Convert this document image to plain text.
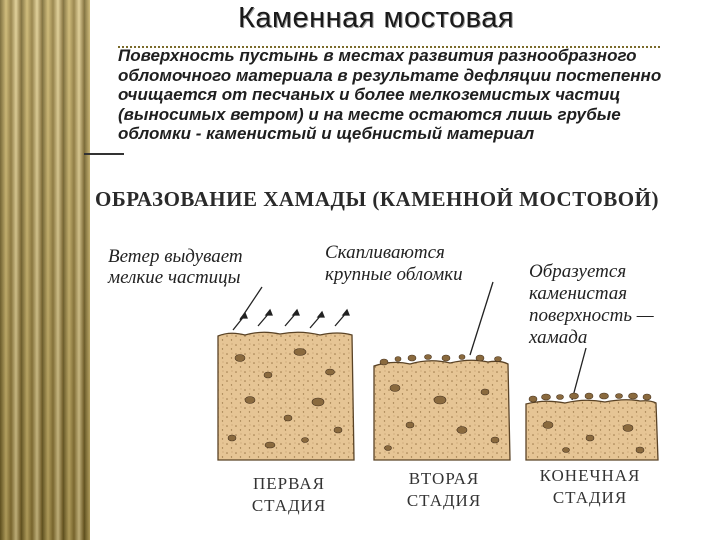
Каменная мостовая
Поверхность пустынь в местах развития разнообразного обломочного материала в результате дефляции постепенно очищается от песчаных и более мелкоземистых частиц (выносимых ветром) и на месте остаются лишь грубые обломки - каменистый и щебнистый материал
ОБРАЗОВАНИЕ ХАМАДЫ (КАМЕННОЙ МОСТОВОЙ)
Ветер выдувает
мелкие частицы
Скапливаются
крупные обломки	Образуется
каменистая
поверхность —
хамада
ПЕРВАЯ
СТАДИЯ
ВТОРАЯ
СТАДИЯ
КОНЕЧНАЯ
СТАДИЯ
